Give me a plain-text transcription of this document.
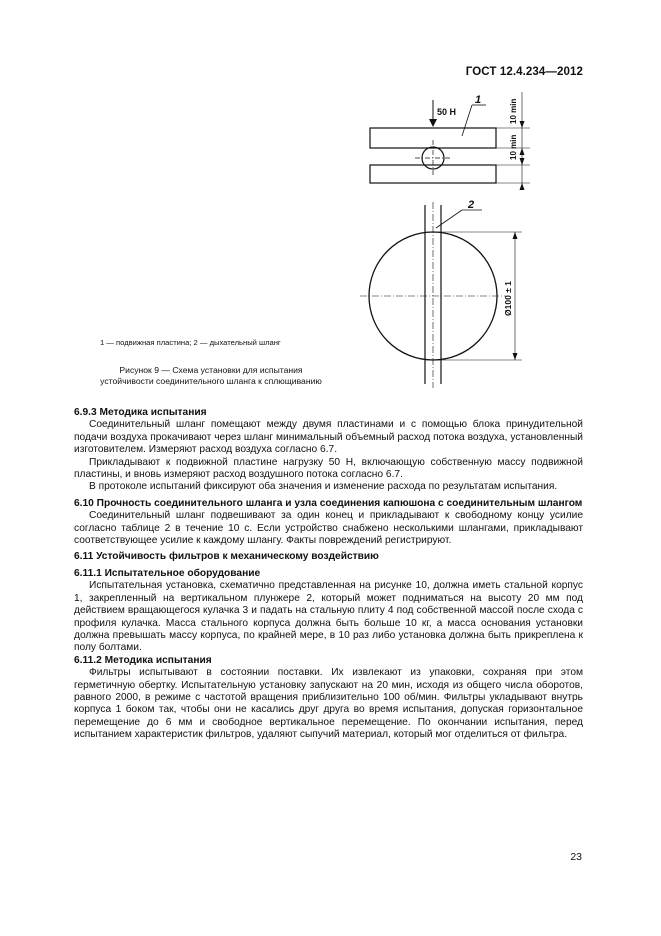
ГОСТ 12.4.234—2012
50 Н
1	10 min
10 min
2
Ø100 ± 1
1 — подвижная пластина; 2 — дыхательный шланг
Рисунок 9 — Схема установки для испытания
устойчивости соединительного шланга к сплющиванию

6.9.3 Методика испытания

Соединительный шланг помещают между двумя пластинами и с помощью блока принудительной подачи воздуха прокачивают через шланг минимальный объемный расход потока воздуха, установленный изготовителем. Измеряют расход воздуха согласно 6.7.

Прикладывают к подвижной пластине нагрузку 50 Н, включающую собственную массу подвижной пластины, и вновь измеряют расход воздушного потока согласно 6.7.

В протоколе испытаний фиксируют оба значения и изменение расхода по результатам испытания.

6.10 Прочность соединительного шланга и узла соединения капюшона с соединительным шлангом

Соединительный шланг подвешивают за один конец и прикладывают к свободному концу усилие согласно таблице 2 в течение 10 с. Если устройство снабжено несколькими шлангами, прикладывают соответствующее усилие к каждому шлангу. Факты повреждений регистрируют.

6.11 Устойчивость фильтров к механическому воздействию

6.11.1 Испытательное оборудование

Испытательная установка, схематично представленная на рисунке 10, должна иметь стальной корпус 1, закрепленный на вертикальном плунжере 2, который может подниматься на высоту 20 мм под действием вращающегося кулачка 3 и падать на стальную плиту 4 под собственной массой после схода с профиля кулачка. Масса стального корпуса должна быть больше 10 кг, а масса основания установки должна превышать массу корпуса, по крайней мере, в 10 раз либо установка должна быть прикреплена к полу болтами.

6.11.2 Методика испытания

Фильтры испытывают в состоянии поставки. Их извлекают из упаковки, сохраняя при этом герметичную обертку. Испытательную установку запускают на 20 мин, исходя из общего числа оборотов, равного 2000, в режиме с частотой вращения приблизительно 100 об/мин. Фильтры укладывают внутрь корпуса 1 боком так, чтобы они не касались друг друга во время испытания, допуская горизонтальное перемещение до 6 мм и свободное вертикальное перемещение. По окончании испытания, перед испытанием характеристик фильтров, удаляют сыпучий материал, который мог отделиться от фильтра.

23
